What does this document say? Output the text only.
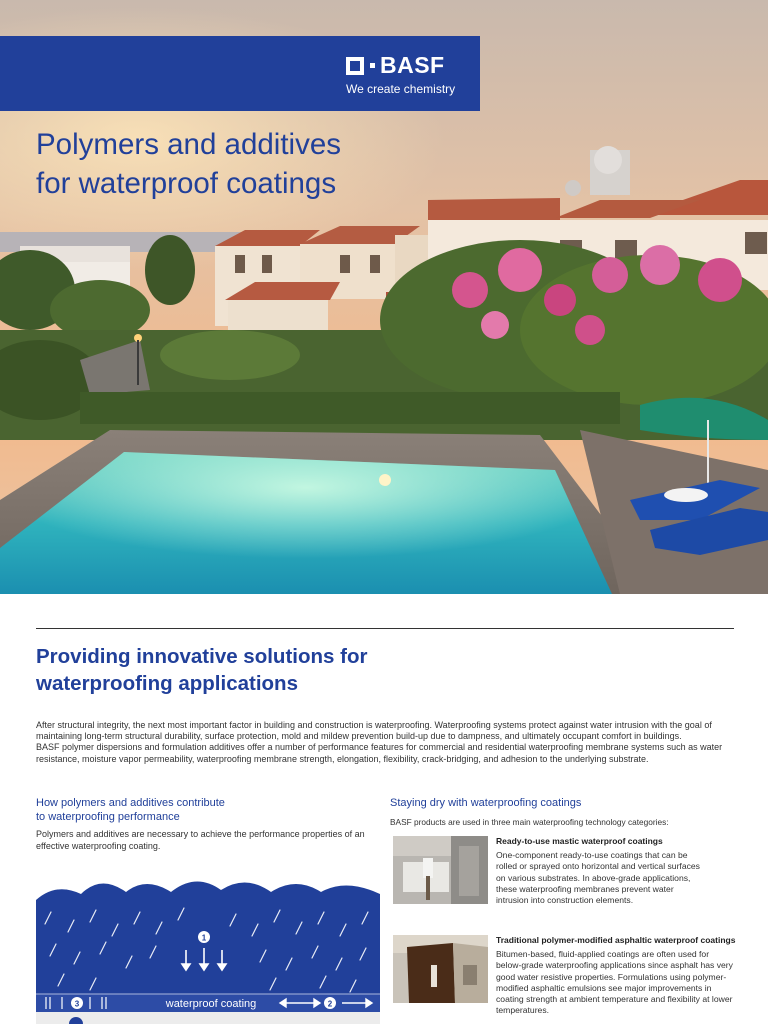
BASF
We create chemistry
Polymers and additives
for waterproof coatings
Providing innovative solutions for
waterproofing applications

After structural integrity, the next most important factor in building and construction is waterproofing. Waterproofing systems protect against water intrusion with the goal of maintaining long-term structural durability, surface protection, mold and mildew prevention build-up due to dampness, and ultimately occupant comfort in buildings.

BASF polymer dispersions and formulation additives offer a number of performance features for commercial and residential waterproofing membrane systems such as water resistance, moisture vapor permeability, waterproofing membrane strength, elongation, flexibility, crack-bridging, and adhesion to the underlying substrate.

How polymers and additives contribute
to waterproofing performance

Polymers and additives are necessary to achieve the performance properties of an effective waterproofing coating.

1
waterproof coating
3	2
Staying dry with waterproofing coatings

BASF products are used in three main waterproofing technology categories:

Ready-to-use mastic waterproof coatings
One-component ready-to-use coatings that can be rolled or sprayed onto horizontal and vertical surfaces on various substrates. In above-grade applications, these waterproofing membranes prevent water intrusion into construction elements.
Traditional polymer-modified asphaltic waterproof coatings
Bitumen-based, fluid-applied coatings are often used for below-grade waterproofing applications since asphalt has very good water resistive properties. Formulations using polymer-modified asphaltic emulsions see major improvements in coating strength at ambient temperature and flexibility at lower temperatures.
